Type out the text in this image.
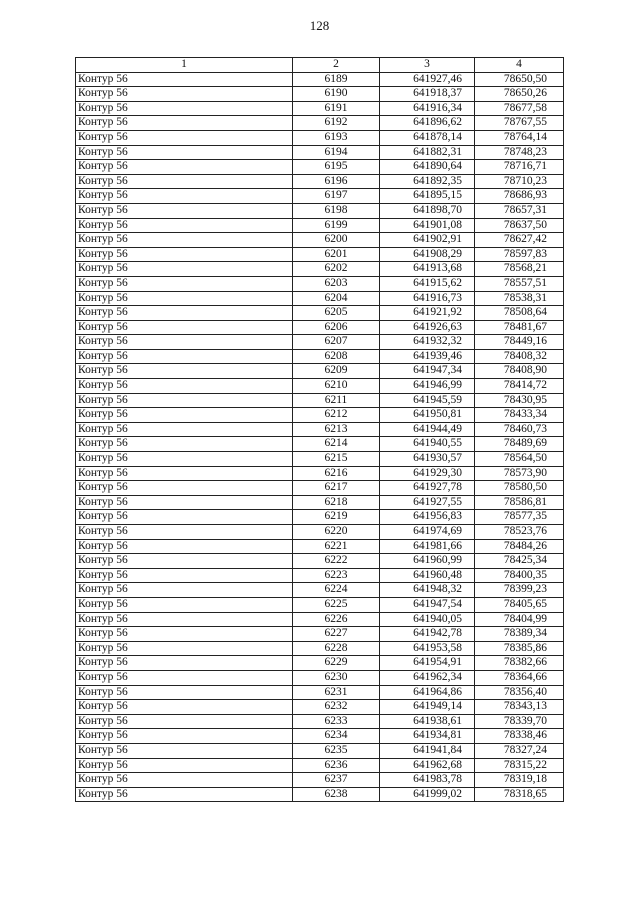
128
1	2	3	4
Контур 56	6189	641927,46	78650,50
Контур 56	6190	641918,37	78650,26
Контур 56	6191	641916,34	78677,58
Контур 56	6192	641896,62	78767,55
Контур 56	6193	641878,14	78764,14
Контур 56	6194	641882,31	78748,23
Контур 56	6195	641890,64	78716,71
Контур 56	6196	641892,35	78710,23
Контур 56	6197	641895,15	78686,93
Контур 56	6198	641898,70	78657,31
Контур 56	6199	641901,08	78637,50
Контур 56	6200	641902,91	78627,42
Контур 56	6201	641908,29	78597,83
Контур 56	6202	641913,68	78568,21
Контур 56	6203	641915,62	78557,51
Контур 56	6204	641916,73	78538,31
Контур 56	6205	641921,92	78508,64
Контур 56	6206	641926,63	78481,67
Контур 56	6207	641932,32	78449,16
Контур 56	6208	641939,46	78408,32
Контур 56	6209	641947,34	78408,90
Контур 56	6210	641946,99	78414,72
Контур 56	6211	641945,59	78430,95
Контур 56	6212	641950,81	78433,34
Контур 56	6213	641944,49	78460,73
Контур 56	6214	641940,55	78489,69
Контур 56	6215	641930,57	78564,50
Контур 56	6216	641929,30	78573,90
Контур 56	6217	641927,78	78580,50
Контур 56	6218	641927,55	78586,81
Контур 56	6219	641956,83	78577,35
Контур 56	6220	641974,69	78523,76
Контур 56	6221	641981,66	78484,26
Контур 56	6222	641960,99	78425,34
Контур 56	6223	641960,48	78400,35
Контур 56	6224	641948,32	78399,23
Контур 56	6225	641947,54	78405,65
Контур 56	6226	641940,05	78404,99
Контур 56	6227	641942,78	78389,34
Контур 56	6228	641953,58	78385,86
Контур 56	6229	641954,91	78382,66
Контур 56	6230	641962,34	78364,66
Контур 56	6231	641964,86	78356,40
Контур 56	6232	641949,14	78343,13
Контур 56	6233	641938,61	78339,70
Контур 56	6234	641934,81	78338,46
Контур 56	6235	641941,84	78327,24
Контур 56	6236	641962,68	78315,22
Контур 56	6237	641983,78	78319,18
Контур 56	6238	641999,02	78318,65
